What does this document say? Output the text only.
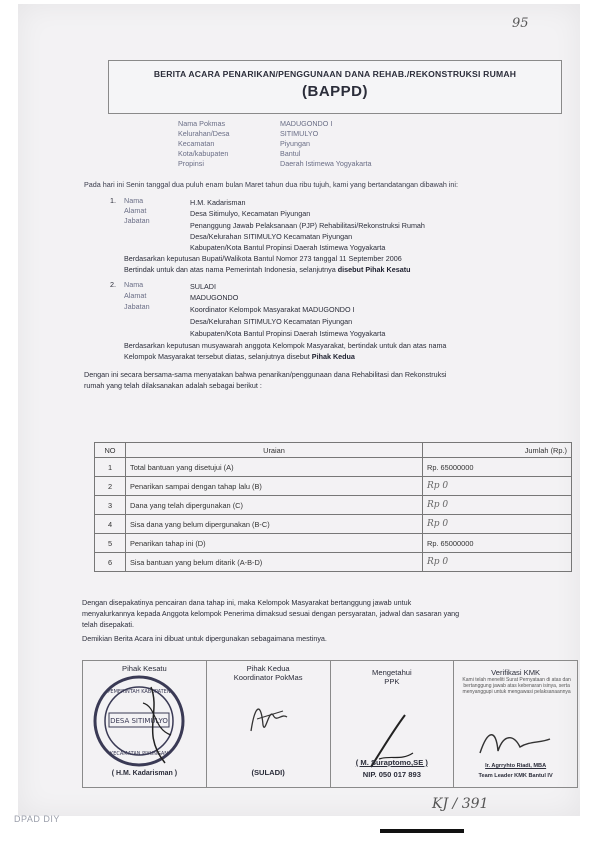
95
BERITA ACARA PENARIKAN/PENGGUNAAN DANA REHAB./REKONSTRUKSI RUMAH
(BAPPD)
Nama Pokmas	MADUGONDO I
Kelurahan/Desa	SITIMULYO
Kecamatan	Piyungan
Kota/kabupaten	Bantul
Propinsi	Daerah Istimewa Yogyakarta
Pada hari ini Senin tanggal dua puluh enam bulan Maret tahun dua ribu tujuh, kami yang bertandatangan dibawah ini:
1. Nama	H.M. Kadarisman
Alamat	Desa Sitimulyo, Kecamatan Piyungan
Jabatan
Penanggung Jawab Pelaksanaan (PJP) Rehabilitasi/Rekonstruksi Rumah
Desa/Kelurahan SITIMULYO Kecamatan Piyungan
Kabupaten/Kota Bantul Propinsi Daerah Istimewa Yogyakarta
Berdasarkan keputusan Bupati/Walikota Bantul Nomor 273 tanggal 11 September 2006
Bertindak untuk dan atas nama Pemerintah Indonesia, selanjutnya disebut Pihak Kesatu
2. Nama	SULADI
Alamat	MADUGONDO
Jabatan	Koordinator Kelompok Masyarakat MADUGONDO I
Desa/Kelurahan SITIMULYO Kecamatan Piyungan
Kabupaten/Kota Bantul Propinsi Daerah Istimewa Yogyakarta
Berdasarkan keputusan musyawarah anggota Kelompok Masyarakat, bertindak untuk dan atas nama
Kelompok Masyarakat tersebut diatas, selanjutnya disebut Pihak Kedua
Dengan ini secara bersama-sama menyatakan bahwa penarikan/penggunaan dana Rehabilitasi dan Rekonstruksi
rumah yang telah dilaksanakan adalah sebagai berikut :
NO	Uraian	Jumlah (Rp.)
1	Total bantuan yang disetujui (A)	Rp. 65000000
2	Penarikan sampai dengan tahap lalu (B)	Rp 0
3	Dana yang telah dipergunakan (C)	Rp 0
4	Sisa dana yang belum dipergunakan (B-C)	Rp 0
5	Penarikan tahap ini (D)	Rp. 65000000
6	Sisa bantuan yang belum ditarik (A-B-D)	Rp 0
Dengan disepakatinya pencairan dana tahap ini, maka Kelompok Masyarakat bertanggung jawab untuk
menyalurkannya kepada Anggota kelompok Penerima dimaksud sesuai dengan persyaratan, jadwal dan sasaran yang
telah disepakati.
Demikian Berita Acara ini dibuat untuk dipergunakan sebagaimana mestinya.
Pihak Kesatu
DESA SITIMULYO
PEMERINTAH KABUPATEN
KECAMATAN PIYUNGAN
( H.M. Kadarisman )

Pihak Kedua
Koordinator PokMas
(SULADI)

Mengetahui
PPK
( M. Suraptomo,SE )
NIP. 050 017 893

Verifikasi KMK
Kami telah meneliti Surat Pernyataan di atas dan bertanggung jawab atas kebenaran isinya, serta menyanggupi untuk mengawasi pelaksanaannya
Ir. Agrryhto Riadi, MBA
Team Leader KMK Bantul IV
KJ / 391
DPAD DIY
